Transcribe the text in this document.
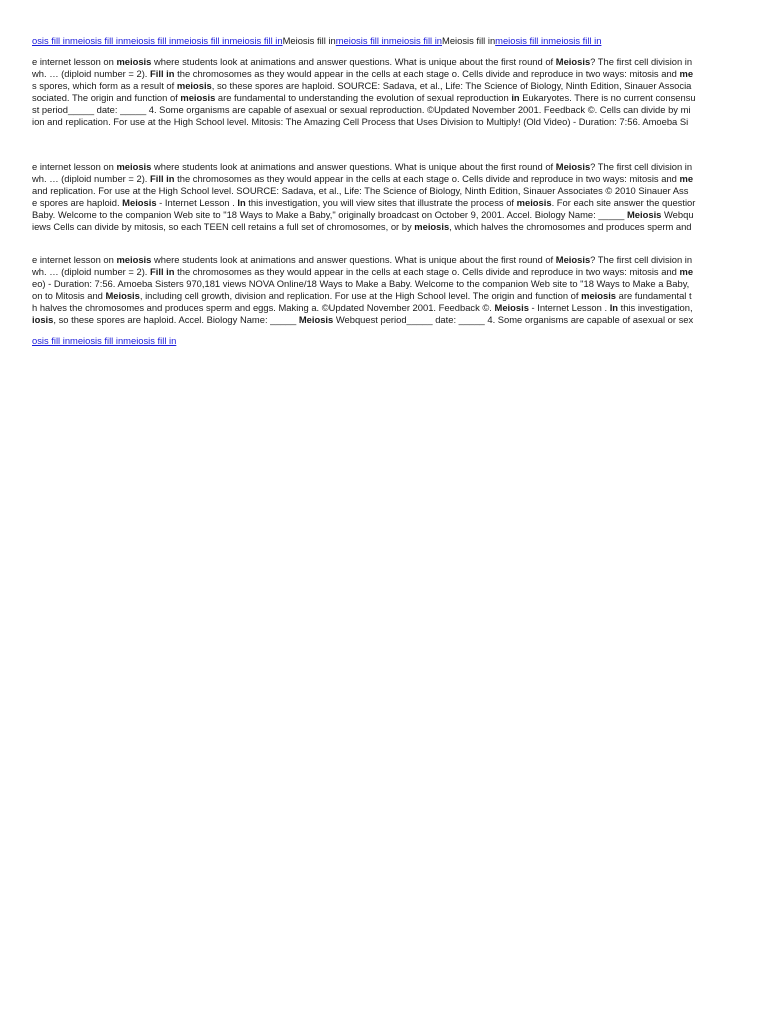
osis fill inmeiosis fill inmeiosis fill inmeiosis fill inmeiosis fill inMeiosis fill inmeiosis fill inmeiosis fill inMeiosis fill inmeiosis fill inmeiosis fill in
e internet lesson on meiosis where students look at animations and answer questions. What is unique about the first round of Meiosis? The first cell division in
wh. … (diploid number = 2). Fill in the chromosomes as they would appear in the cells at each stage o. Cells divide and reproduce in two ways: mitosis and me
s spores, which form as a result of meiosis, so these spores are haploid. SOURCE: Sadava, et al., Life: The Science of Biology, Ninth Edition, Sinauer Associa
sociated. The origin and function of meiosis are fundamental to understanding the evolution of sexual reproduction in Eukaryotes. There is no current consensu
st period_____ date: _____ 4. Some organisms are capable of asexual or sexual reproduction. ©Updated November 2001. Feedback ©. Cells can divide by mi
ion and replication. For use at the High School level. Mitosis: The Amazing Cell Process that Uses Division to Multiply! (Old Video) - Duration: 7:56. Amoeba Si
e internet lesson on meiosis where students look at animations and answer questions. What is unique about the first round of Meiosis? The first cell division in
wh. … (diploid number = 2). Fill in the chromosomes as they would appear in the cells at each stage o. Cells divide and reproduce in two ways: mitosis and me
and replication. For use at the High School level. SOURCE: Sadava, et al., Life: The Science of Biology, Ninth Edition, Sinauer Associates © 2010 Sinauer Ass
e spores are haploid. Meiosis - Internet Lesson . In this investigation, you will view sites that illustrate the process of meiosis. For each site answer the questior
Baby. Welcome to the companion Web site to "18 Ways to Make a Baby," originally broadcast on October 9, 2001. Accel. Biology Name: _____ Meiosis Webqu
iews Cells can divide by mitosis, so each TEEN cell retains a full set of chromosomes, or by meiosis, which halves the chromosomes and produces sperm and
e internet lesson on meiosis where students look at animations and answer questions. What is unique about the first round of Meiosis? The first cell division in
wh. … (diploid number = 2). Fill in the chromosomes as they would appear in the cells at each stage o. Cells divide and reproduce in two ways: mitosis and me
eo) - Duration: 7:56. Amoeba Sisters 970,181 views NOVA Online/18 Ways to Make a Baby. Welcome to the companion Web site to "18 Ways to Make a Baby,
on to Mitosis and Meiosis, including cell growth, division and replication. For use at the High School level. The origin and function of meiosis are fundamental t
h halves the chromosomes and produces sperm and eggs. Making a. ©Updated November 2001. Feedback ©. Meiosis - Internet Lesson . In this investigation,
iosis, so these spores are haploid. Accel. Biology Name: _____ Meiosis Webquest period_____ date: _____ 4. Some organisms are capable of asexual or sex
osis fill inmeiosis fill inmeiosis fill in
